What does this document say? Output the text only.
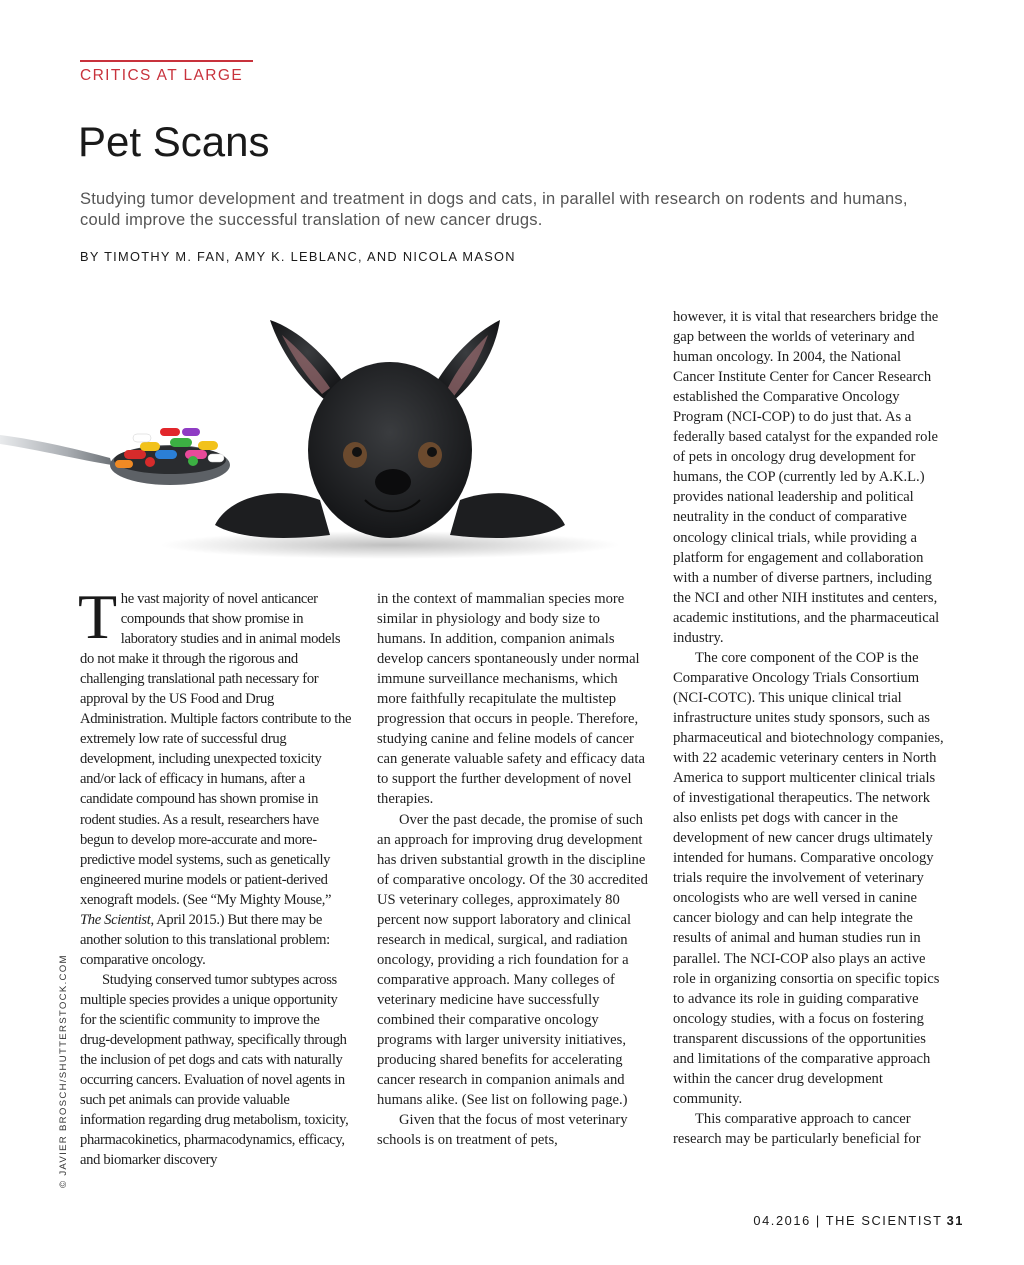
CRITICS AT LARGE
Pet Scans
Studying tumor development and treatment in dogs and cats, in parallel with research on rodents and humans, could improve the successful translation of new cancer drugs.
BY TIMOTHY M. FAN, AMY K. LEBLANC, AND NICOLA MASON

The vast majority of novel anticancer compounds that show promise in laboratory studies and in animal models do not make it through the rigorous and challenging translational path necessary for approval by the US Food and Drug Administration. Multiple factors contribute to the extremely low rate of successful drug development, including unexpected toxicity and/or lack of efficacy in humans, after a candidate compound has shown promise in rodent studies. As a result, researchers have begun to develop more-accurate and more-predictive model systems, such as genetically engineered murine models or patient-derived xenograft models. (See “My Mighty Mouse,” The Scientist, April 2015.) But there may be another solution to this translational problem: comparative oncology.

Studying conserved tumor subtypes across multiple species provides a unique opportunity for the scientific community to improve the drug-development pathway, specifically through the inclusion of pet dogs and cats with naturally occurring cancers. Evaluation of novel agents in such pet animals can provide valuable information regarding drug metabolism, toxicity, pharmacokinetics, pharmacodynamics, efficacy, and biomarker discovery

in the context of mammalian species more similar in physiology and body size to humans. In addition, companion animals develop cancers spontaneously under normal immune surveillance mechanisms, which more faithfully recapitulate the multistep progression that occurs in people. Therefore, studying canine and feline models of cancer can generate valuable safety and efficacy data to support the further development of novel therapies.

Over the past decade, the promise of such an approach for improving drug development has driven substantial growth in the discipline of comparative oncology. Of the 30 accredited US veterinary colleges, approximately 80 percent now support laboratory and clinical research in medical, surgical, and radiation oncology, providing a rich foundation for a comparative approach. Many colleges of veterinary medicine have successfully combined their comparative oncology programs with larger university initiatives, producing shared benefits for accelerating cancer research in companion animals and humans alike. (See list on following page.)

Given that the focus of most veterinary schools is on treatment of pets,

however, it is vital that researchers bridge the gap between the worlds of veterinary and human oncology. In 2004, the National Cancer Institute Center for Cancer Research established the Comparative Oncology Program (NCI-COP) to do just that. As a federally based catalyst for the expanded role of pets in oncology drug development for humans, the COP (currently led by A.K.L.) provides national leadership and political neutrality in the conduct of comparative oncology clinical trials, while providing a platform for engagement and collaboration with a number of diverse partners, including the NCI and other NIH institutes and centers, academic institutions, and the pharmaceutical industry.

The core component of the COP is the Comparative Oncology Trials Consortium (NCI-COTC). This unique clinical trial infrastructure unites study sponsors, such as pharmaceutical and biotechnology companies, with 22 academic veterinary centers in North America to support multicenter clinical trials of investigational therapeutics. The network also enlists pet dogs with cancer in the development of new cancer drugs ultimately intended for humans. Comparative oncology trials require the involvement of veterinary oncologists who are well versed in canine cancer biology and can help integrate the results of animal and human studies run in parallel. The NCI-COP also plays an active role in organizing consortia on specific topics to advance its role in guiding comparative oncology studies, with a focus on fostering transparent discussions of the opportunities and limitations of the comparative approach within the cancer drug development community.

This comparative approach to cancer research may be particularly beneficial for

© JAVIER BROSCH/SHUTTERSTOCK.COM
04.2016 | THE SCIENTIST 31
